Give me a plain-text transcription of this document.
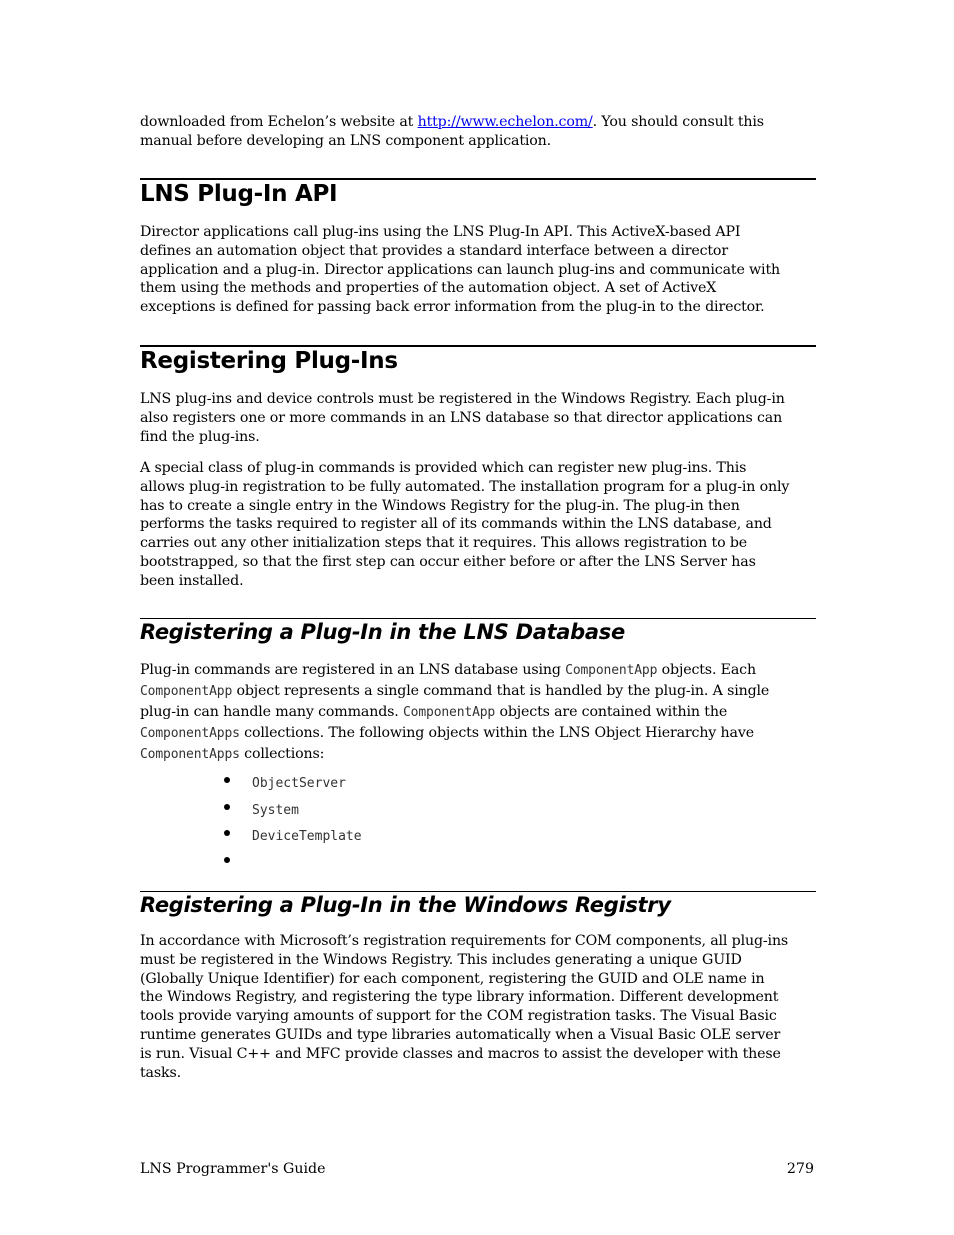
downloaded from Echelon’s website at http://www.echelon.com/. You should consult this manual before developing an LNS component application.

LNS Plug-In API

Director applications call plug-ins using the LNS Plug-In API. This ActiveX-based API defines an automation object that provides a standard interface between a director application and a plug-in. Director applications can launch plug-ins and communicate with them using the methods and properties of the automation object. A set of ActiveX exceptions is defined for passing back error information from the plug-in to the director.

Registering Plug-Ins

LNS plug-ins and device controls must be registered in the Windows Registry. Each plug-in also registers one or more commands in an LNS database so that director applications can find the plug-ins.

A special class of plug-in commands is provided which can register new plug-ins. This allows plug-in registration to be fully automated. The installation program for a plug-in only has to create a single entry in the Windows Registry for the plug-in. The plug-in then performs the tasks required to register all of its commands within the LNS database, and carries out any other initialization steps that it requires. This allows registration to be bootstrapped, so that the first step can occur either before or after the LNS Server has been installed.

Registering a Plug-In in the LNS Database

Plug-in commands are registered in an LNS database using ComponentApp objects. Each ComponentApp object represents a single command that is handled by the plug-in. A single plug-in can handle many commands. ComponentApp objects are contained within the ComponentApps collections. The following objects within the LNS Object Hierarchy have ComponentApps collections:

ObjectServer
System
DeviceTemplate
Registering a Plug-In in the Windows Registry

In accordance with Microsoft’s registration requirements for COM components, all plug-ins must be registered in the Windows Registry. This includes generating a unique GUID (Globally Unique Identifier) for each component, registering the GUID and OLE name in the Windows Registry, and registering the type library information. Different development tools provide varying amounts of support for the COM registration tasks. The Visual Basic runtime generates GUIDs and type libraries automatically when a Visual Basic OLE server is run. Visual C++ and MFC provide classes and macros to assist the developer with these tasks.

LNS Programmer's Guide	279
